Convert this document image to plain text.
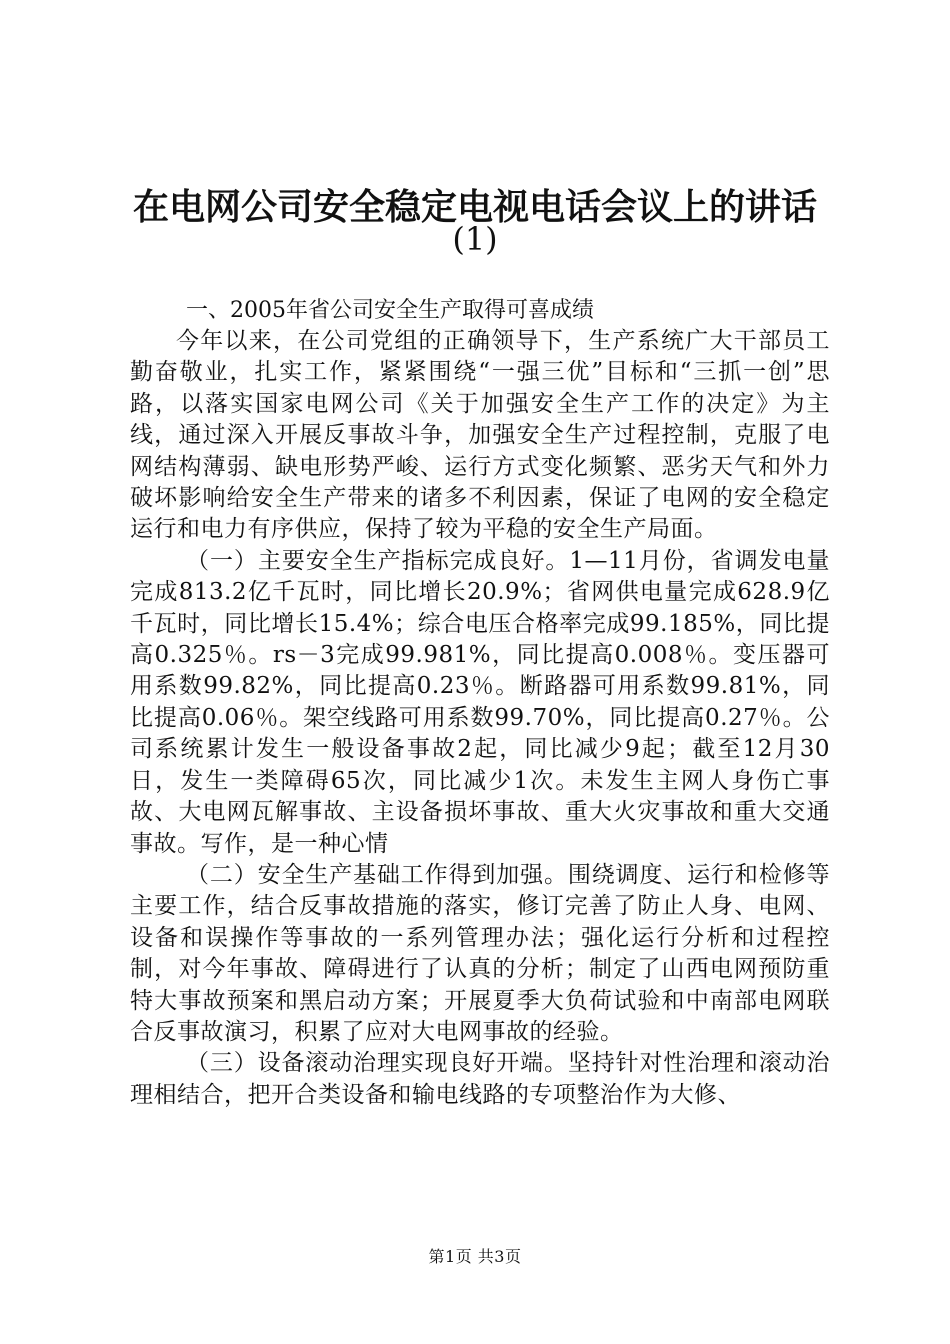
在电网公司安全稳定电视电话会议上的讲话
(1)

一、2005年省公司安全生产取得可喜成绩

今年以来，在公司党组的正确领导下，生产系统广大干部员工勤奋敬业，扎实工作，紧紧围绕“一强三优”目标和“三抓一创”思路，以落实国家电网公司《关于加强安全生产工作的决定》为主线，通过深入开展反事故斗争，加强安全生产过程控制，克服了电网结构薄弱、缺电形势严峻、运行方式变化频繁、恶劣天气和外力破坏影响给安全生产带来的诸多不利因素，保证了电网的安全稳定运行和电力有序供应，保持了较为平稳的安全生产局面。

（一）主要安全生产指标完成良好。1—11月份，省调发电量完成813.2亿千瓦时，同比增长20.9%；省网供电量完成628.9亿千瓦时，同比增长15.4%；综合电压合格率完成99.185%，同比提高0.325％。rs－3完成99.981%，同比提高0.008％。变压器可用系数99.82%，同比提高0.23％。断路器可用系数99.81%，同比提高0.06％。架空线路可用系数99.70%，同比提高0.27％。公司系统累计发生一般设备事故2起，同比减少9起；截至12月30日，发生一类障碍65次，同比减少1次。未发生主网人身伤亡事故、大电网瓦解事故、主设备损坏事故、重大火灾事故和重大交通事故。写作，是一种心情

（二）安全生产基础工作得到加强。围绕调度、运行和检修等主要工作，结合反事故措施的落实，修订完善了防止人身、电网、设备和误操作等事故的一系列管理办法；强化运行分析和过程控制，对今年事故、障碍进行了认真的分析；制定了山西电网预防重特大事故预案和黑启动方案；开展夏季大负荷试验和中南部电网联合反事故演习，积累了应对大电网事故的经验。

（三）设备滚动治理实现良好开端。坚持针对性治理和滚动治理相结合，把开合类设备和输电线路的专项整治作为大修、

第1页 共3页
